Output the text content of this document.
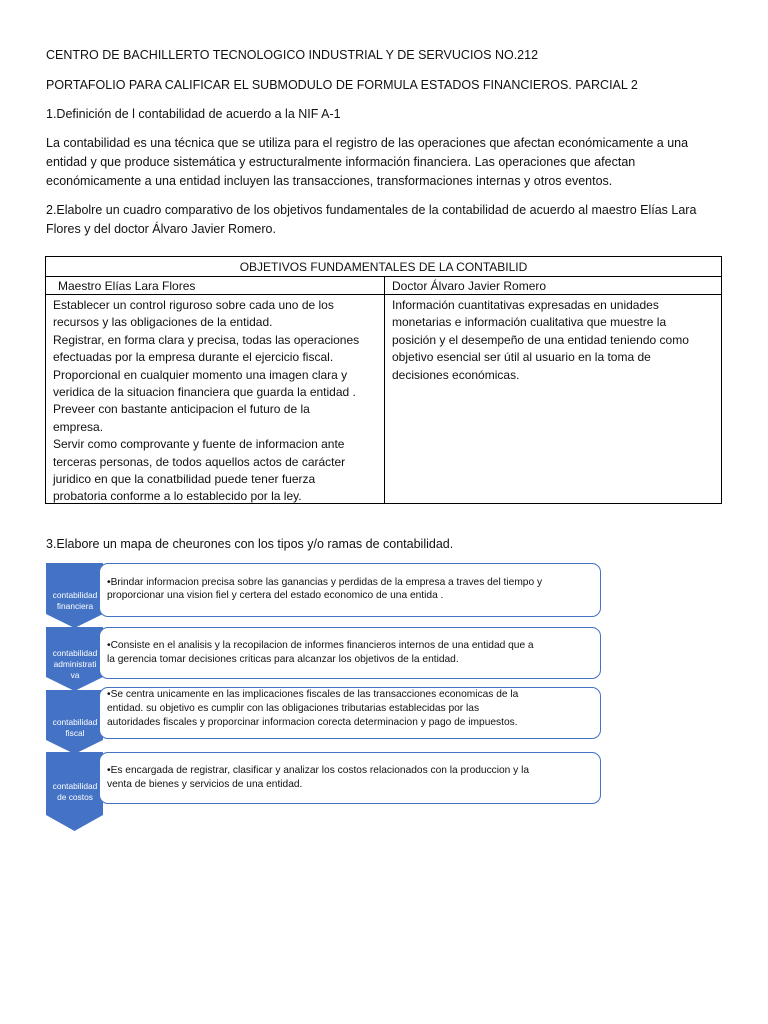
CENTRO DE BACHILLERTO TECNOLOGICO INDUSTRIAL Y DE SERVUCIOS NO.212
PORTAFOLIO PARA CALIFICAR EL SUBMODULO DE FORMULA ESTADOS FINANCIEROS. PARCIAL 2
1.Definición de l contabilidad de acuerdo a la NIF A-1
La contabilidad es una técnica que se utiliza para el registro de las operaciones que afectan económicamente a una
entidad y que produce sistemática y estructuralmente información financiera. Las operaciones que afectan
económicamente a una entidad incluyen las transacciones, transformaciones internas y otros eventos.
2.Elabolre un cuadro comparativo de los objetivos fundamentales de la contabilidad de acuerdo al maestro Elías Lara
Flores y del doctor Álvaro Javier Romero.
OBJETIVOS FUNDAMENTALES DE LA CONTABILID
Maestro Elías Lara Flores	Doctor Álvaro Javier Romero
Establecer un control riguroso sobre cada uno de los
recursos y las obligaciones de la entidad.
Registrar, en forma clara y precisa, todas las operaciones
efectuadas por la empresa durante el ejercicio fiscal.
Proporcional en cualquier momento una imagen clara y
veridica de la situacion financiera que guarda la entidad .
Preveer con bastante anticipacion el futuro de la
empresa.
Servir como comprovante y fuente de informacion ante
terceras personas, de todos aquellos actos de carácter
juridico en que la conatbilidad puede tener fuerza
probatoria conforme a lo establecido por la ley.
Información cuantitativas expresadas en unidades
monetarias e información cualitativa que muestre la
posición y el desempeño de una entidad teniendo como
objetivo esencial ser útil al usuario en la toma de
decisiones económicas.
3.Elabore un mapa de cheurones con los tipos y/o ramas de contabilidad.
contabilidad
financiera
contabilidad
administrati
va
contabilidad
fiscal
contabilidad
de costos
•Brindar informacion precisa sobre las ganancias y perdidas de la empresa a traves del tiempo y
proporcionar una vision fiel y certera del estado economico de una entida .
•Consiste en el analisis y la recopilacion de informes financieros internos de una entidad que a
la gerencia tomar decisiones criticas para alcanzar los objetivos de la entidad.
•Se centra unicamente en las implicaciones fiscales de las transacciones economicas de la
entidad. su objetivo es cumplir con las obligaciones tributarias establecidas por las
autoridades fiscales y proporcinar informacion corecta determinacion y pago de impuestos.
•Es encargada de registrar, clasificar y analizar los costos relacionados con la produccion y la
venta de bienes y servicios de una entidad.
